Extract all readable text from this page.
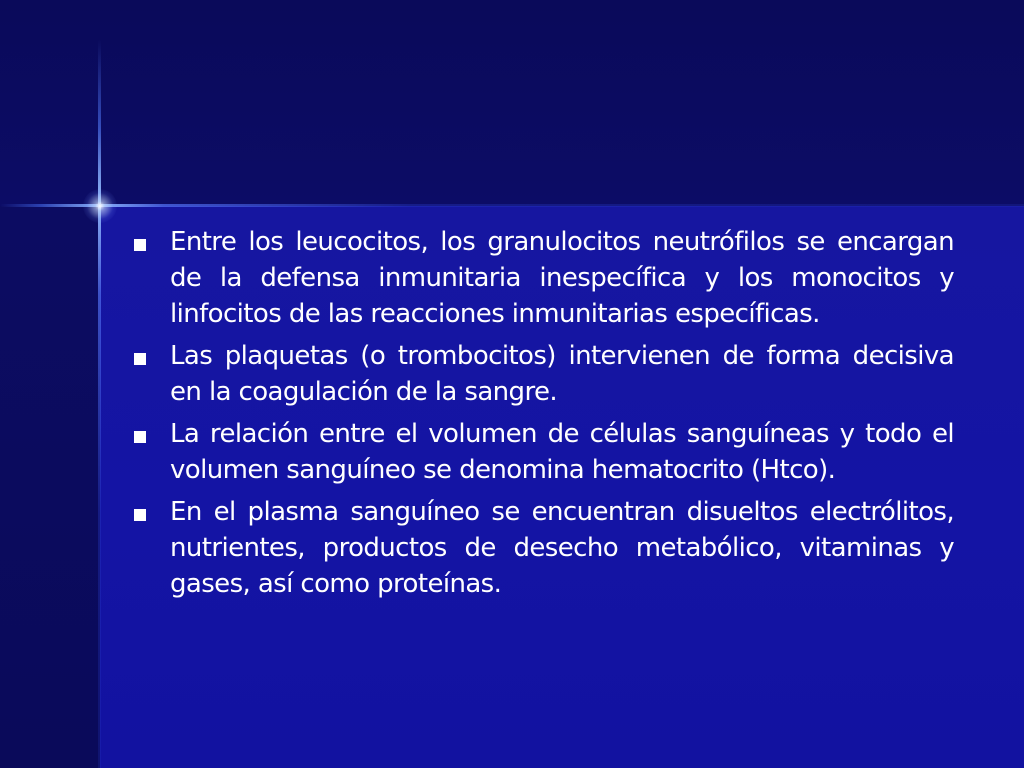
Entre los leucocitos, los granulocitos neutrófilos se encargan de la defensa inmunitaria inespecífica y los monocitos y linfocitos de las reacciones inmunitarias específicas.
Las plaquetas (o trombocitos) intervienen de forma decisiva en la coagulación de la sangre.
La relación entre el volumen de células sanguíneas y todo el volumen sanguíneo se denomina hematocrito (Htco).
En el plasma sanguíneo se encuentran disueltos electrólitos, nutrientes, productos de desecho metabólico, vitaminas y gases, así como proteínas.
